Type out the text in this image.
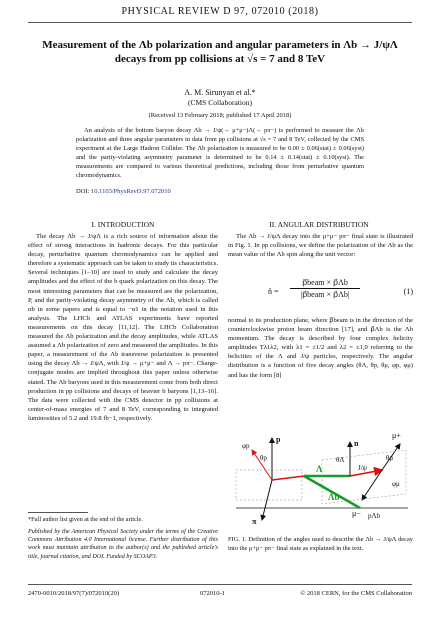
PHYSICAL REVIEW D 97, 072010 (2018)
Measurement of the Λb polarization and angular parameters in Λb → J/ψΛ
decays from pp collisions at √s = 7 and 8 TeV
A. M. Sirunyan et al.*
(CMS Collaboration)
(Received 13 February 2018; published 17 April 2018)
An analysis of the bottom baryon decay Λb → J/ψ(→ μ+μ−)Λ(→ pπ−) is performed to measure the Λb polarization and three angular parameters in data from pp collisions at √s = 7 and 8 TeV, collected by the CMS experiment at the Large Hadron Collider. The Λb polarization is measured to be 0.00 ± 0.06(stat) ± 0.06(syst) and the parity-violating asymmetry parameter is determined to be 0.14 ± 0.14(stat) ± 0.10(syst). The measurements are compared to various theoretical predictions, including those from perturbative quantum chromodynamics.
DOI: 10.1103/PhysRevD.97.072010
I. INTRODUCTION	II. ANGULAR DISTRIBUTION

The decay Λb → J/ψΛ is a rich source of information about the effect of strong interactions in hadronic decays. For this particular decay, perturbative quantum chromodynamics can be applied and therefore a systematic approach can be taken to study its characteristics. Several techniques [1–10] are used to study and calculate the decay amplitudes and the effect of the b quark polarization on this decay. The most interesting parameters that can be measured are the polarization, P, and the parity-violating decay asymmetry of the Λb, which is called αb in some papers and is equal to −α1 in the notation used in this analysis. The LHCb and ATLAS experiments have reported measurements on this decay [11,12]. The LHCb Collaboration measured the Λb polarization and the decay amplitudes, while ATLAS assumed a Λb polarization of zero and measured the amplitudes. In this paper, a measurement of the Λb transverse polarization is presented using the decay Λb → J/ψΛ, with J/ψ → μ+μ− and Λ → pπ−. Charge-conjugate modes are implied throughout this paper unless otherwise stated. The Λb baryons used in this measurement come from both direct production in pp collisions and decays of heavier b baryons [1,13–16]. The data were collected with the CMS detector in pp collisions at center-of-mass energies of 7 and 8 TeV, corresponding to integrated luminosities of 5.2 and 19.8 fb−1, respectively.

The Λb → J/ψΛ decay into the μ+μ− pπ− final state is illustrated in Fig. 1. In pp collisions, we define the polarization of the Λb as the mean value of the Λb spin along the unit vector:

n̂ =
p⃗beam × p⃗Λb
|p⃗beam × p⃗Λb|	(1)

normal to its production plane, where p⃗beam is in the direction of the counterclockwise proton beam direction [17], and p⃗Λb is the Λb momentum. The decay is described by four complex helicity amplitudes Tλ1λ2, with λ1 = ±1/2 and λ2 = ±1,0 referring to the helicities of the Λ and J/ψ particles, respectively. The angular distribution is a function of five decay angles (θΛ, θp, θμ, φp, φμ) and has the form [8]

φp
θp
p
π
Λ
θΛ
n
J/ψ
μ+
μ−
θμ
φμ
Λb
pΛb
FIG. 1. Definition of the angles used to describe the Λb → J/ψΛ decay into the μ+μ− pπ− final state as explained in the text.
*Full author list given at the end of the article.
Published by the American Physical Society under the terms of the Creative Commons Attribution 4.0 International license. Further distribution of this work must maintain attribution to the author(s) and the published article's title, journal citation, and DOI. Funded by SCOAP3.
2470-0010/2018/97(7)/072010(20)	072010-1	© 2018 CERN, for the CMS Collaboration
